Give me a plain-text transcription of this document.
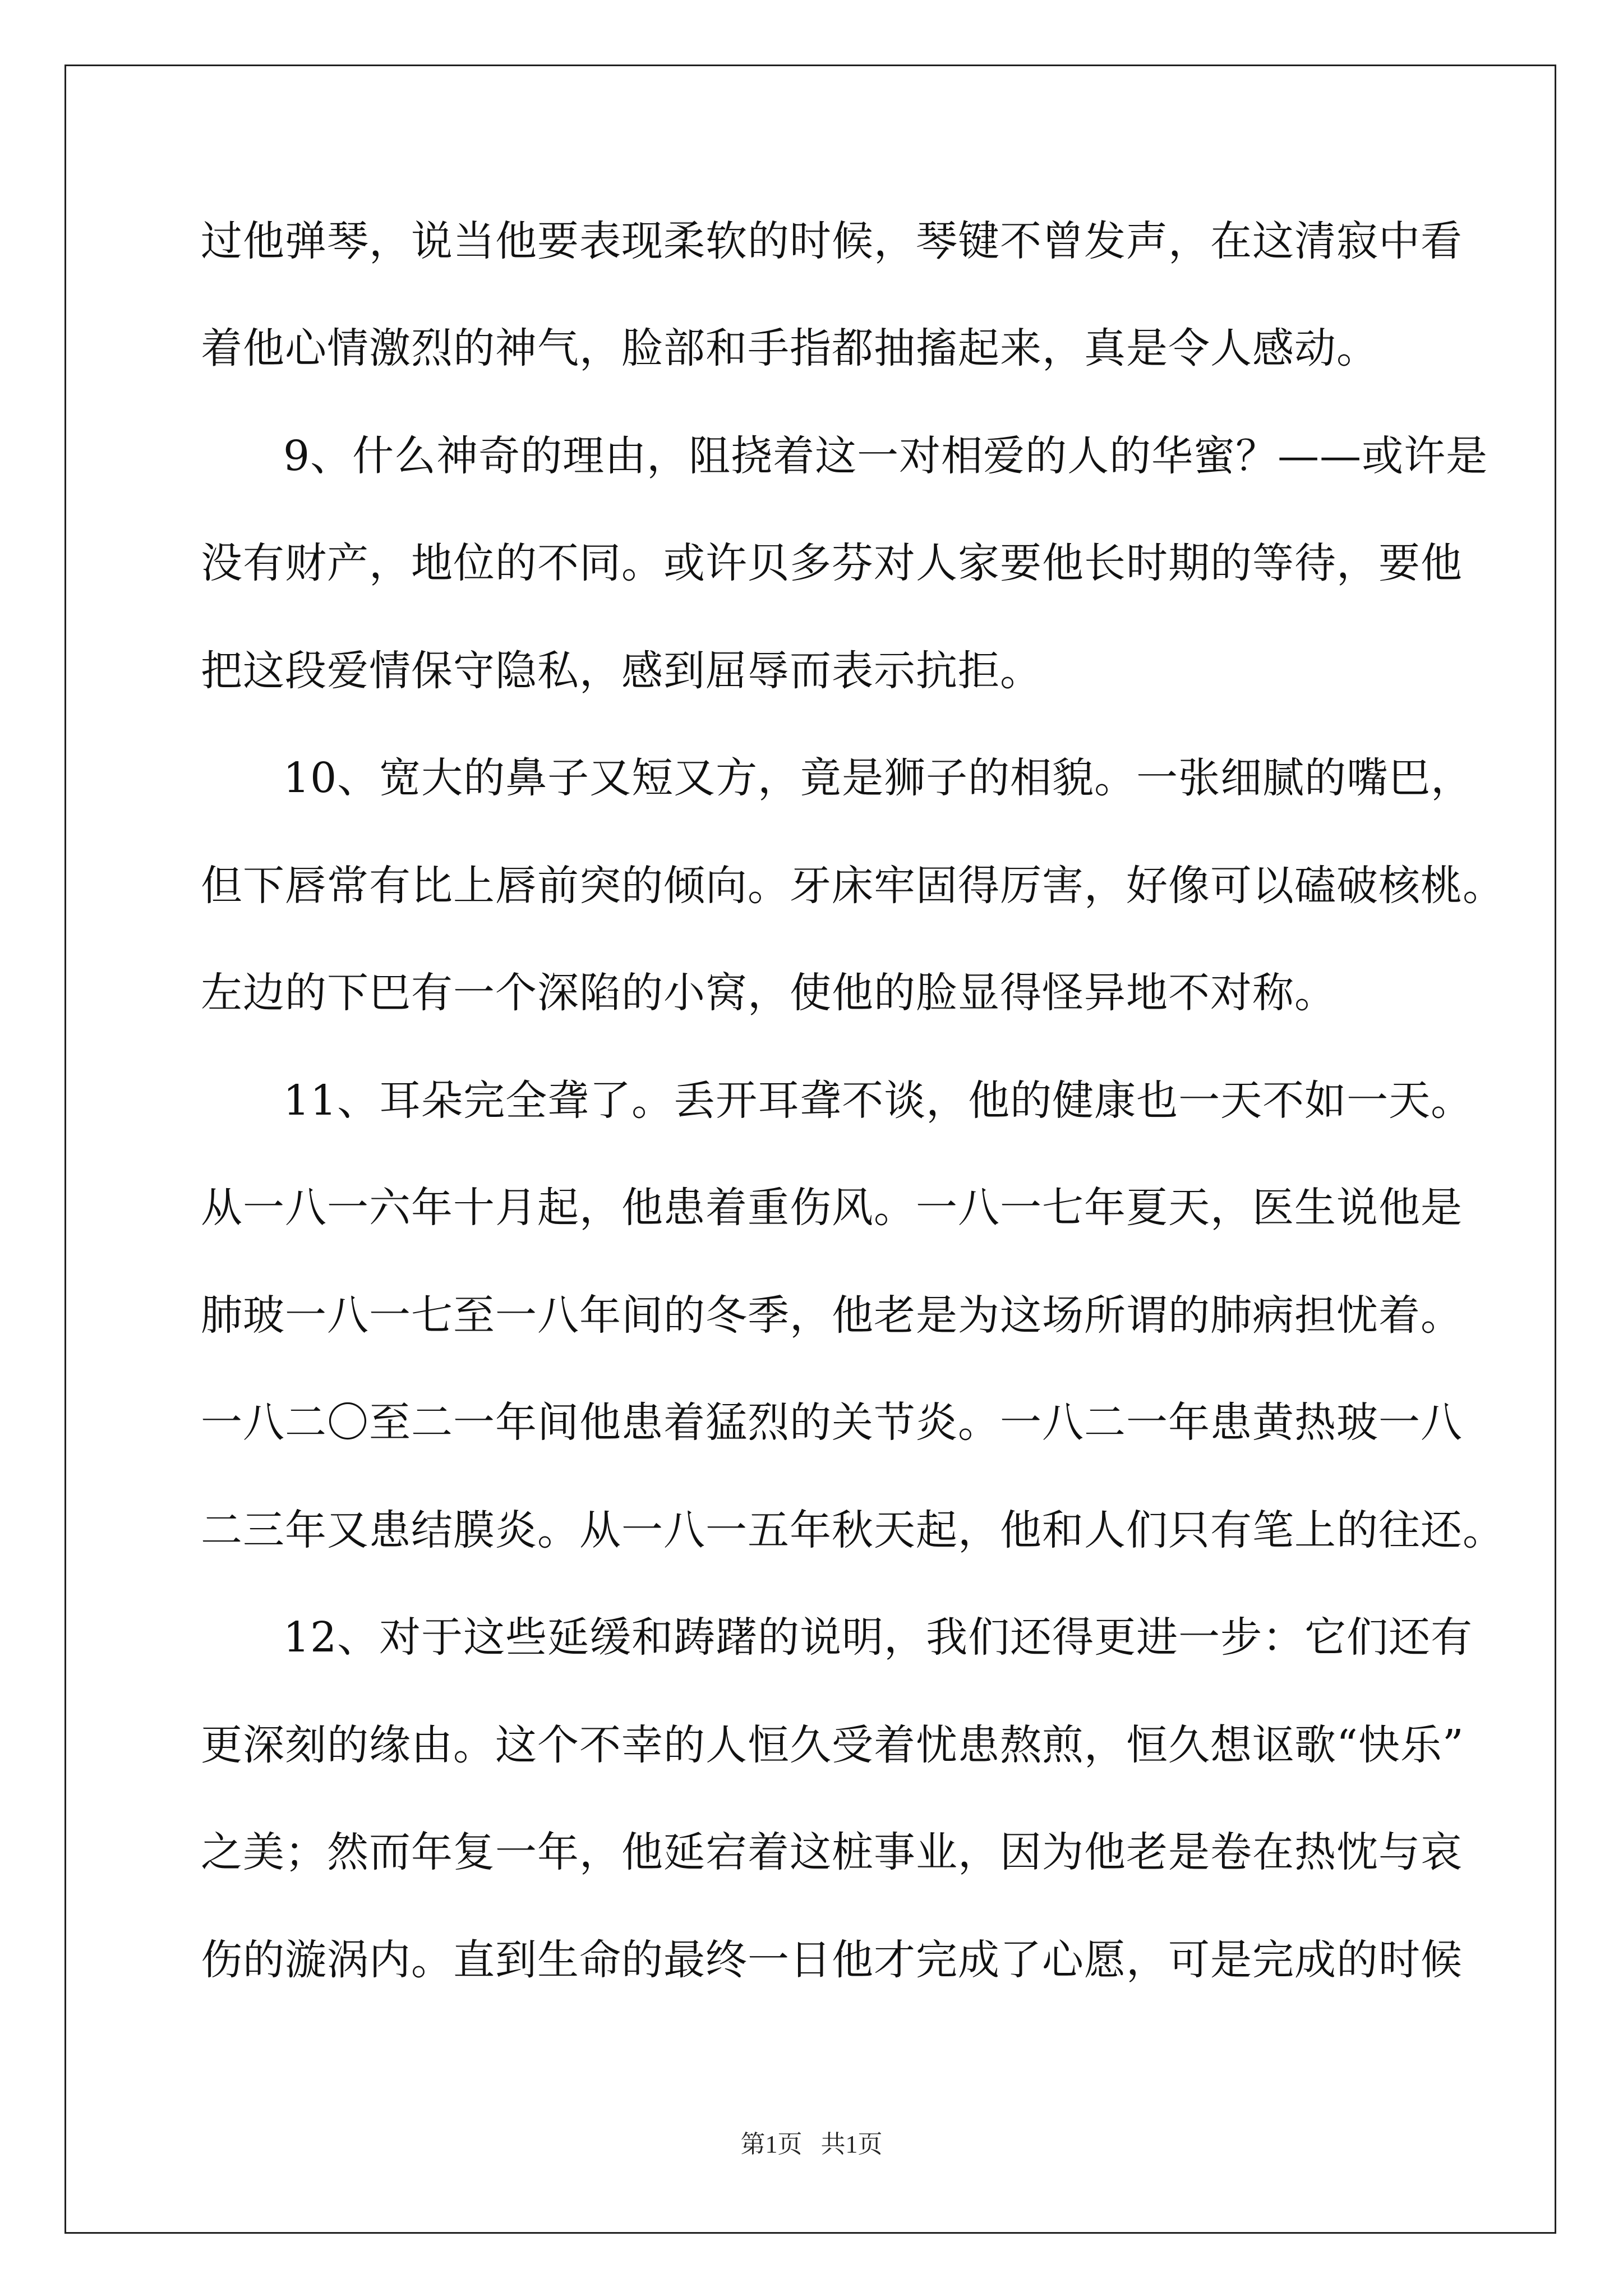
过他弹琴，说当他要表现柔软的时候，琴键不曾发声，在这清寂中看
着他心情激烈的神气，脸部和手指都抽搐起来，真是令人感动。
9、什么神奇的理由，阻挠着这一对相爱的人的华蜜？——或许是
没有财产，地位的不同。或许贝多芬对人家要他长时期的等待，要他
把这段爱情保守隐私，感到屈辱而表示抗拒。
10、宽大的鼻子又短又方，竟是狮子的相貌。一张细腻的嘴巴，
但下唇常有比上唇前突的倾向。牙床牢固得厉害，好像可以磕破核桃。
左边的下巴有一个深陷的小窝，使他的脸显得怪异地不对称。
11、耳朵完全聋了。丢开耳聋不谈，他的健康也一天不如一天。
从一八一六年十月起，他患着重伤风。一八一七年夏天，医生说他是
肺玻一八一七至一八年间的冬季，他老是为这场所谓的肺病担忧着。
一八二〇至二一年间他患着猛烈的关节炎。一八二一年患黄热玻一八
二三年又患结膜炎。从一八一五年秋天起，他和人们只有笔上的往还。
12、对于这些延缓和踌躇的说明，我们还得更进一步：它们还有
更深刻的缘由。这个不幸的人恒久受着忧患熬煎，恒久想讴歌“快乐”
之美；然而年复一年，他延宕着这桩事业，因为他老是卷在热忱与哀
伤的漩涡内。直到生命的最终一日他才完成了心愿，可是完成的时候
第1页   共1页
